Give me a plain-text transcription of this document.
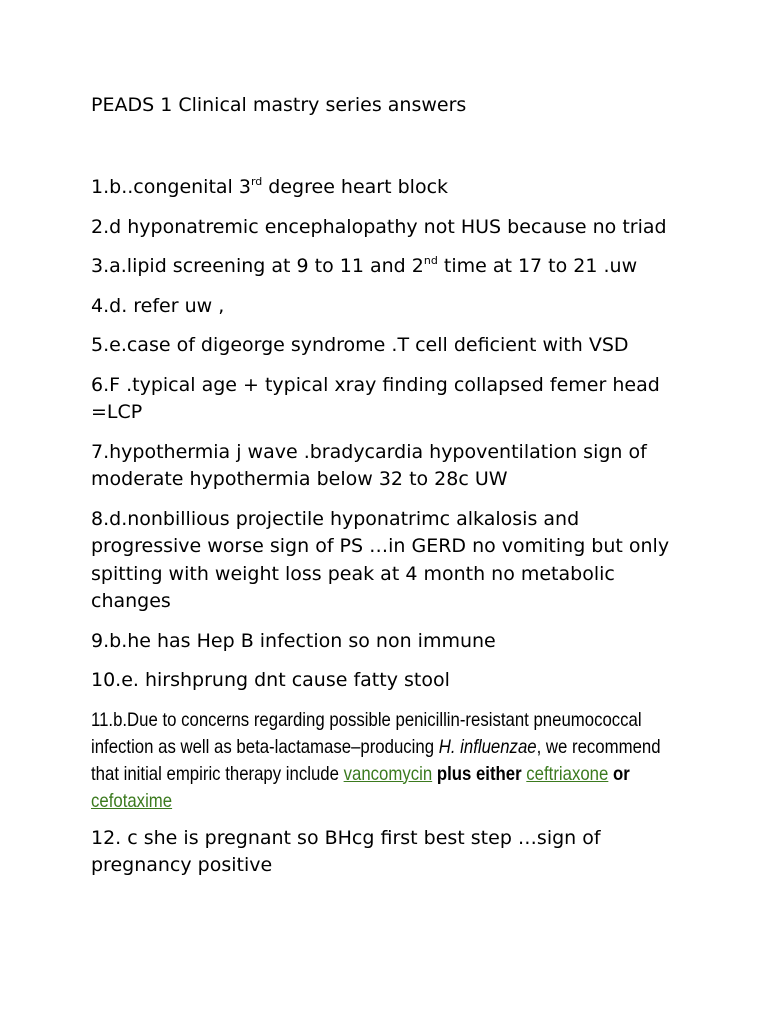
PEADS 1 Clinical mastry series answers

1.b..congenital 3rd degree heart block

2.d hyponatremic encephalopathy not HUS because no triad

3.a.lipid screening at 9 to 11 and 2nd time at 17 to 21 .uw

4.d. refer uw ,

5.e.case of digeorge syndrome .T cell deficient with VSD

6.F .typical age + typical xray finding collapsed femer head =LCP

7.hypothermia j wave .bradycardia hypoventilation sign of moderate hypothermia below 32 to 28c UW

8.d.nonbillious projectile hyponatrimc alkalosis and progressive worse sign of PS …in GERD no vomiting but only spitting with weight loss peak at 4 month no metabolic changes

9.b.he has Hep B infection so non immune

10.e. hirshprung dnt cause fatty stool

11.b.Due to concerns regarding possible penicillin-resistant pneumococcal infection as well as beta-lactamase–producing H. influenzae, we recommend that initial empiric therapy include vancomycin plus either ceftriaxone or cefotaxime

12. c she is pregnant so BHcg first best step …sign of pregnancy positive
